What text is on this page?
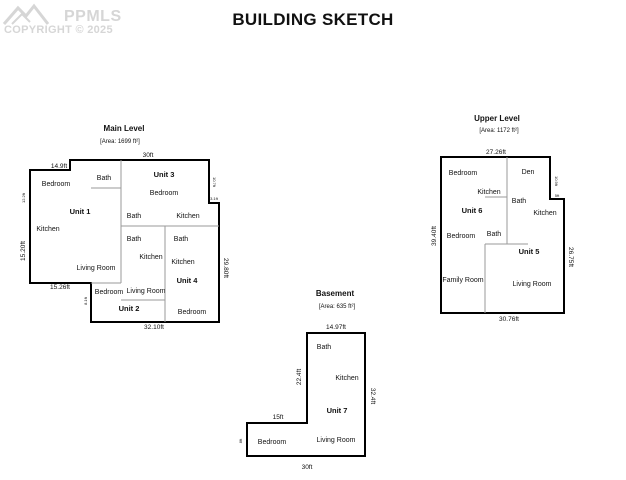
PPMLS
COPYRIGHT © 2025
BUILDING SKETCH
Main Level
[Area: 1699 ft²]
14.9ft
30ft
15.20ft
12.2ft
15.26ft
32.10ft
29.80ft
10.7ft
8.1ft
3.1ft
Bedroom
Bath
Unit 1
Kitchen
Living Room
Unit 3
Bedroom
Bath	Kitchen
Bath
Kitchen
Bedroom Living Room
Unit 2
Bath
Kitchen
Unit 4
Bedroom
Upper Level
[Area: 1172 ft²]
27.26ft
39.40ft
26.75ft
30.76ft
10.9ft
5ft
Bedroom	Den
Kitchen
Bath
Kitchen
Unit 6
Bedroom Bath
Unit 5
Family Room
Living Room
Basement
[Area: 635 ft²]
14.97ft
22.4ft
32.4ft
15ft
8ft
30ft
Bath
Kitchen
Unit 7
Bedroom	Living Room
